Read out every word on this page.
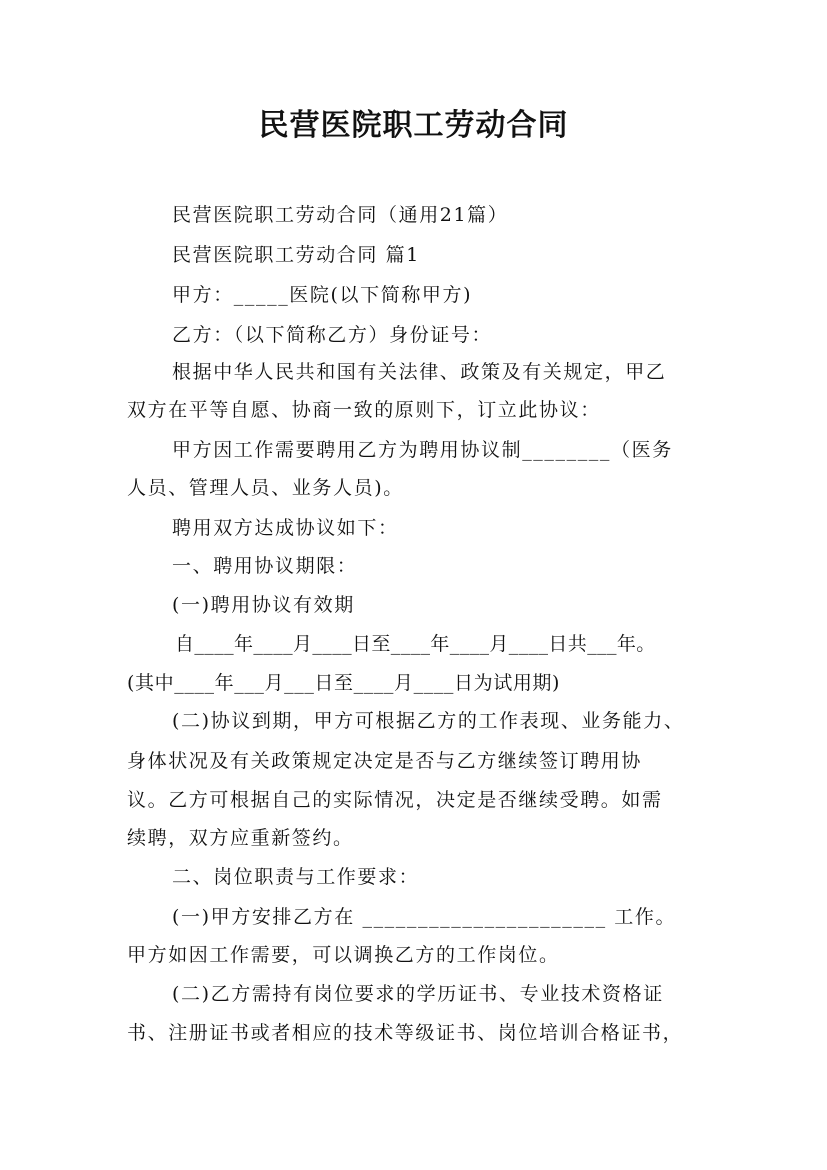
民营医院职工劳动合同
民营医院职工劳动合同（通用21篇）
民营医院职工劳动合同 篇1
甲方：_____医院(以下简称甲方)
乙方：（以下简称乙方）身份证号：
根据中华人民共和国有关法律、政策及有关规定，甲乙
双方在平等自愿、协商一致的原则下，订立此协议：
甲方因工作需要聘用乙方为聘用协议制________（医务
人员、管理人员、业务人员)。
聘用双方达成协议如下：
一、聘用协议期限：
(一)聘用协议有效期
自____年____月____日至____年____月____日共___年。
(其中____年___月___日至____月____日为试用期)
(二)协议到期，甲方可根据乙方的工作表现、业务能力、
身体状况及有关政策规定决定是否与乙方继续签订聘用协
议。乙方可根据自己的实际情况，决定是否继续受聘。如需
续聘，双方应重新签约。
二、岗位职责与工作要求：
(一)甲方安排乙方在 ______________________ 工作。
甲方如因工作需要，可以调换乙方的工作岗位。
(二)乙方需持有岗位要求的学历证书、专业技术资格证
书、注册证书或者相应的技术等级证书、岗位培训合格证书，
